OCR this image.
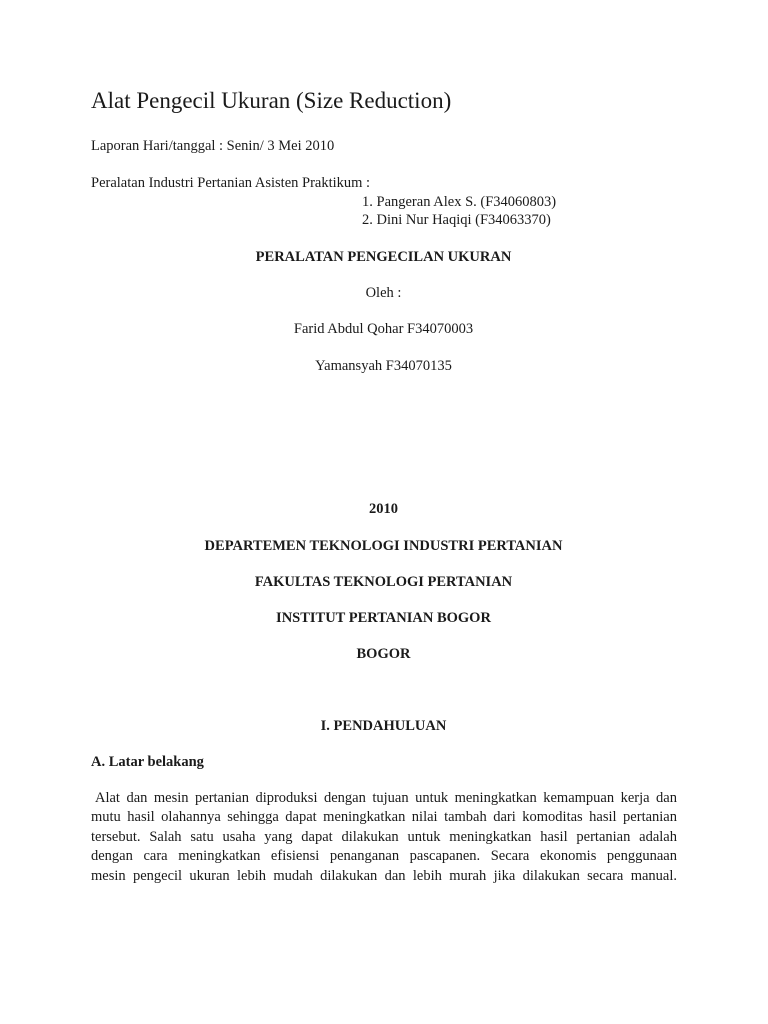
Alat Pengecil Ukuran (Size Reduction)

Laporan Hari/tanggal : Senin/ 3 Mei 2010

Peralatan Industri Pertanian Asisten Praktikum :

1. Pangeran Alex S. (F34060803)

2. Dini Nur Haqiqi (F34063370)

PERALATAN PENGECILAN UKURAN

Oleh :

Farid Abdul Qohar F34070003

Yamansyah F34070135

2010

DEPARTEMEN TEKNOLOGI INDUSTRI PERTANIAN

FAKULTAS TEKNOLOGI PERTANIAN

INSTITUT PERTANIAN BOGOR

BOGOR

I. PENDAHULUAN

A. Latar belakang

Alat dan mesin pertanian diproduksi dengan tujuan untuk meningkatkan kemampuan kerja dan
mutu hasil olahannya sehingga dapat meningkatkan nilai tambah dari komoditas hasil pertanian
tersebut. Salah satu usaha yang dapat dilakukan untuk meningkatkan hasil pertanian adalah
dengan cara meningkatkan efisiensi penanganan pascapanen. Secara ekonomis penggunaan
mesin pengecil ukuran lebih mudah dilakukan dan lebih murah jika dilakukan secara manual.
